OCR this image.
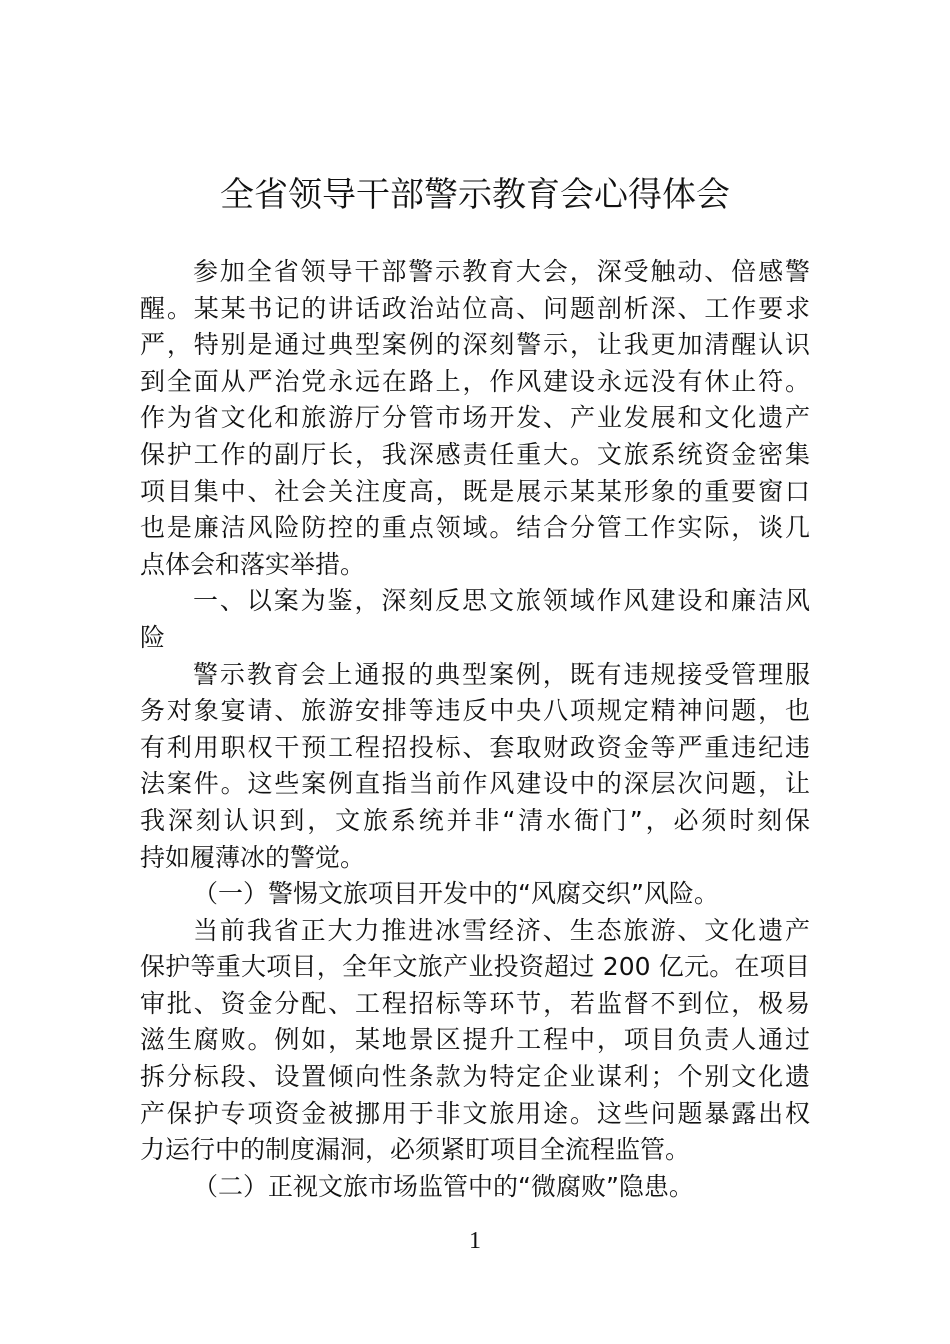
全省领导干部警示教育会心得体会
参加全省领导干部警示教育大会，深受触动、倍感警
醒。某某书记的讲话政治站位高、问题剖析深、工作要求
严，特别是通过典型案例的深刻警示，让我更加清醒认识
到全面从严治党永远在路上，作风建设永远没有休止符。
作为省文化和旅游厅分管市场开发、产业发展和文化遗产
保护工作的副厅长，我深感责任重大。文旅系统资金密集
项目集中、社会关注度高，既是展示某某形象的重要窗口
也是廉洁风险防控的重点领域。结合分管工作实际，谈几
点体会和落实举措。
一、以案为鉴，深刻反思文旅领域作风建设和廉洁风
险
警示教育会上通报的典型案例，既有违规接受管理服
务对象宴请、旅游安排等违反中央八项规定精神问题，也
有利用职权干预工程招投标、套取财政资金等严重违纪违
法案件。这些案例直指当前作风建设中的深层次问题，让
我深刻认识到，文旅系统并非“清水衙门”，必须时刻保
持如履薄冰的警觉。
（一）警惕文旅项目开发中的“风腐交织”风险。
当前我省正大力推进冰雪经济、生态旅游、文化遗产
保护等重大项目，全年文旅产业投资超过 200 亿元。在项目
审批、资金分配、工程招标等环节，若监督不到位，极易
滋生腐败。例如，某地景区提升工程中，项目负责人通过
拆分标段、设置倾向性条款为特定企业谋利；个别文化遗
产保护专项资金被挪用于非文旅用途。这些问题暴露出权
力运行中的制度漏洞，必须紧盯项目全流程监管。
（二）正视文旅市场监管中的“微腐败”隐患。
1
